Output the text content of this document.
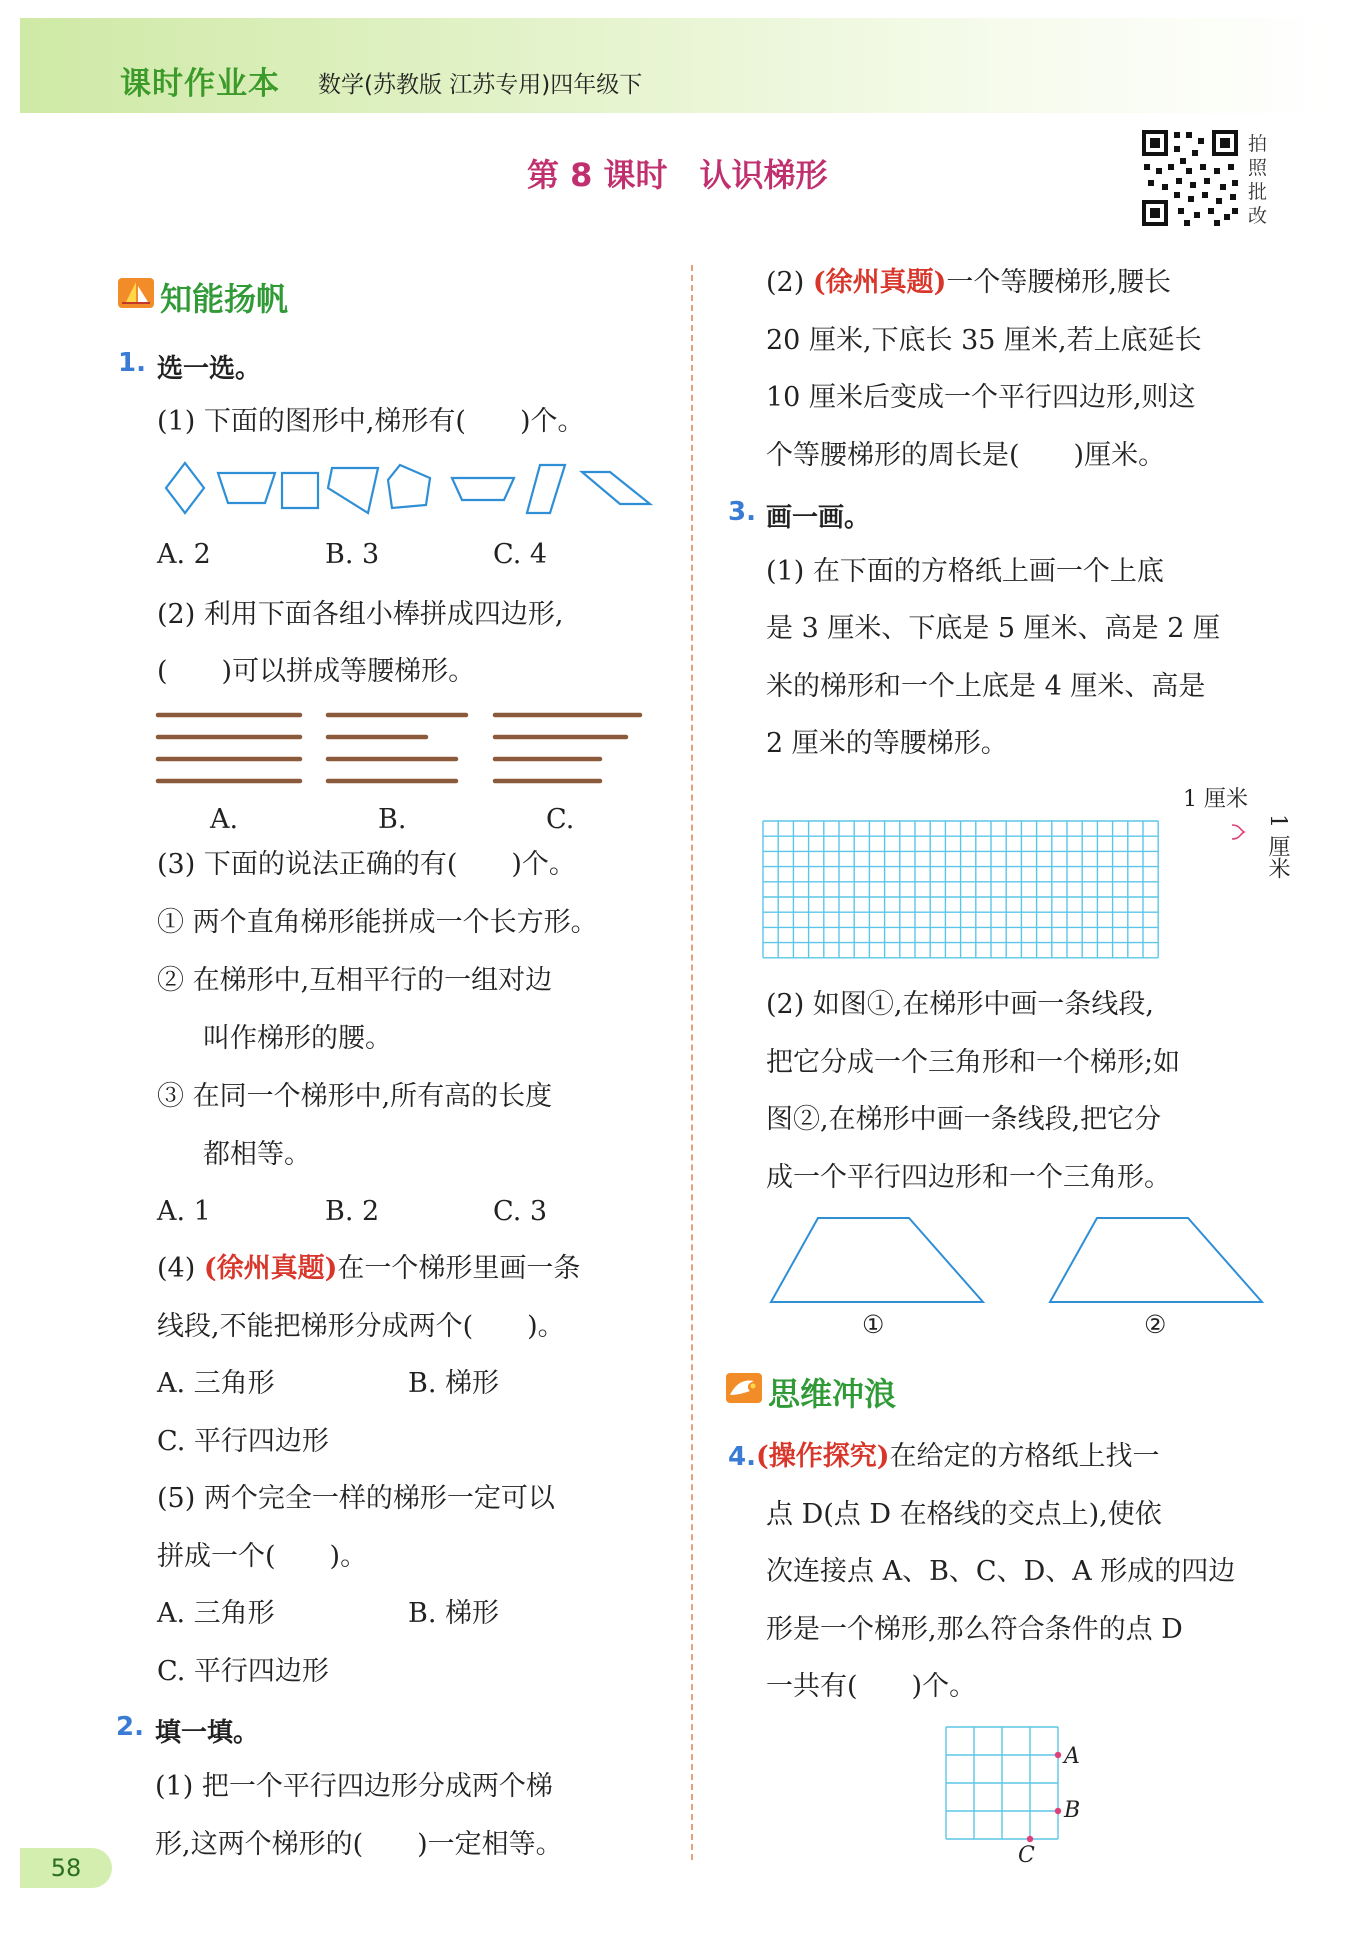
课时作业本 数学(苏教版 江苏专用)四年级下
第 8 课时　认识梯形
拍
照
批
改
知能扬帆
1. 选一选。
(1) 下面的图形中,梯形有(　　)个。
A. 2	B. 3	C. 4
(2) 利用下面各组小棒拼成四边形,
(　　)可以拼成等腰梯形。
A.	B.	C.
(3) 下面的说法正确的有(　　)个。
① 两个直角梯形能拼成一个长方形。
② 在梯形中,互相平行的一组对边
叫作梯形的腰。
③ 在同一个梯形中,所有高的长度
都相等。
A. 1	B. 2	C. 3
(4) (徐州真题)在一个梯形里画一条
线段,不能把梯形分成两个(　　)。
A. 三角形	B. 梯形
C. 平行四边形
(5) 两个完全一样的梯形一定可以
拼成一个(　　)。
A. 三角形	B. 梯形
C. 平行四边形
2. 填一填。
(1) 把一个平行四边形分成两个梯
形,这两个梯形的(　　)一定相等。
58
(2) (徐州真题)一个等腰梯形,腰长
20 厘米,下底长 35 厘米,若上底延长
10 厘米后变成一个平行四边形,则这
个等腰梯形的周长是(　　)厘米。
3. 画一画。
(1) 在下面的方格纸上画一个上底
是 3 厘米、下底是 5 厘米、高是 2 厘
米的梯形和一个上底是 4 厘米、高是
2 厘米的等腰梯形。
1 厘米
1 厘米
(2) 如图①,在梯形中画一条线段,
把它分成一个三角形和一个梯形;如
图②,在梯形中画一条线段,把它分
成一个平行四边形和一个三角形。
①	②
思维冲浪
4.(操作探究)在给定的方格纸上找一
点 D(点 D 在格线的交点上),使依
次连接点 A、B、C、D、A 形成的四边
形是一个梯形,那么符合条件的点 D
一共有(　　)个。
A
B
C
